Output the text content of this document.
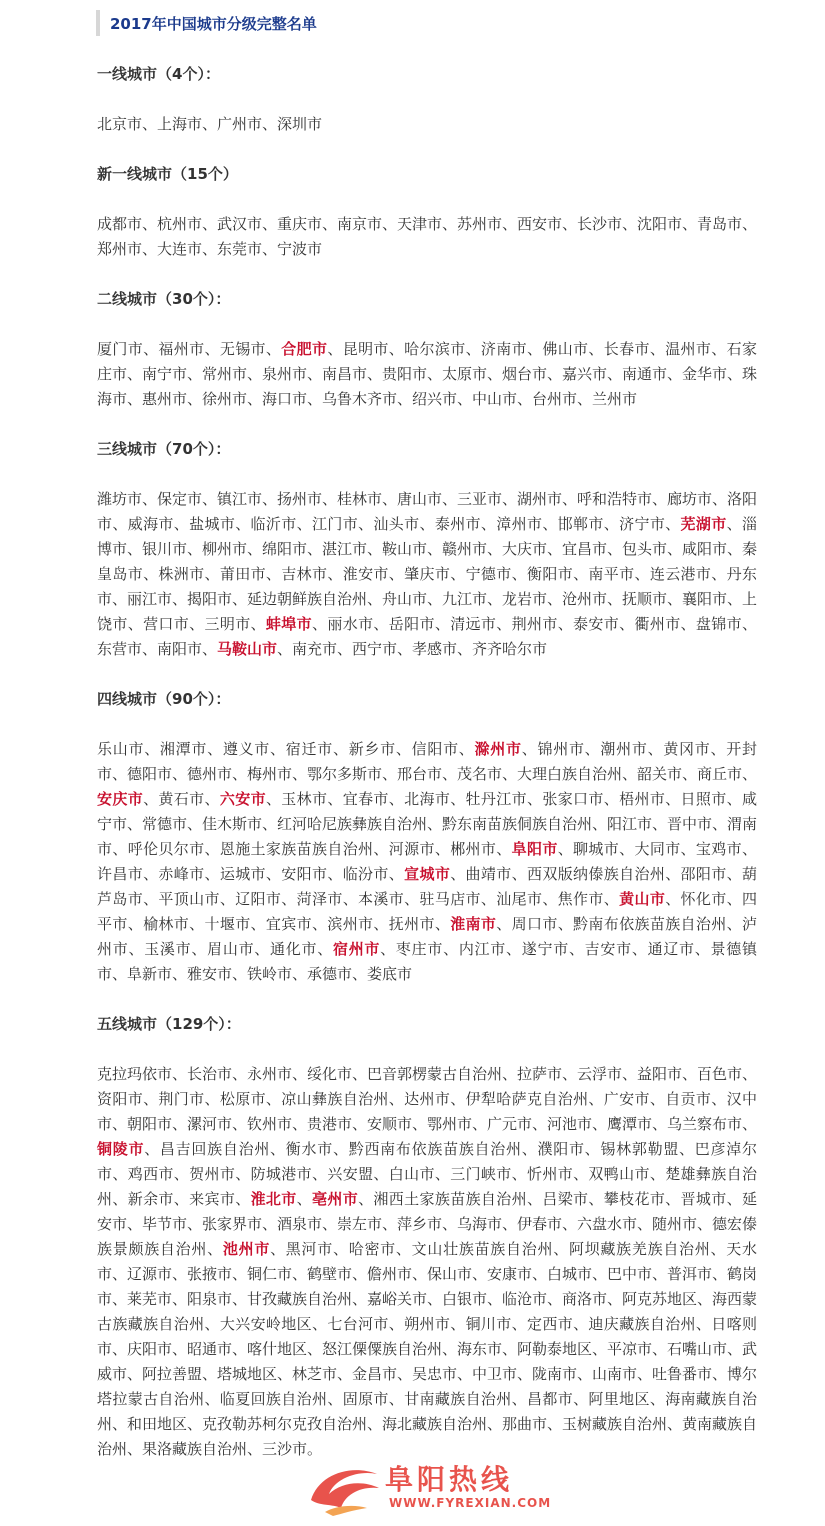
2017年中国城市分级完整名单
一线城市（4个）：
北京市、上海市、广州市、深圳市
新一线城市（15个）
成都市、杭州市、武汉市、重庆市、南京市、天津市、苏州市、西安市、长沙市、沈阳市、青岛市、郑州市、大连市、东莞市、宁波市
二线城市（30个）：
厦门市、福州市、无锡市、合肥市、昆明市、哈尔滨市、济南市、佛山市、长春市、温州市、石家庄市、南宁市、常州市、泉州市、南昌市、贵阳市、太原市、烟台市、嘉兴市、南通市、金华市、珠海市、惠州市、徐州市、海口市、乌鲁木齐市、绍兴市、中山市、台州市、兰州市
三线城市（70个）：
潍坊市、保定市、镇江市、扬州市、桂林市、唐山市、三亚市、湖州市、呼和浩特市、廊坊市、洛阳市、威海市、盐城市、临沂市、江门市、汕头市、泰州市、漳州市、邯郸市、济宁市、芜湖市、淄博市、银川市、柳州市、绵阳市、湛江市、鞍山市、赣州市、大庆市、宜昌市、包头市、咸阳市、秦皇岛市、株洲市、莆田市、吉林市、淮安市、肇庆市、宁德市、衡阳市、南平市、连云港市、丹东市、丽江市、揭阳市、延边朝鲜族自治州、舟山市、九江市、龙岩市、沧州市、抚顺市、襄阳市、上饶市、营口市、三明市、蚌埠市、丽水市、岳阳市、清远市、荆州市、泰安市、衢州市、盘锦市、东营市、南阳市、马鞍山市、南充市、西宁市、孝感市、齐齐哈尔市
四线城市（90个）：
乐山市、湘潭市、遵义市、宿迁市、新乡市、信阳市、滁州市、锦州市、潮州市、黄冈市、开封市、德阳市、德州市、梅州市、鄂尔多斯市、邢台市、茂名市、大理白族自治州、韶关市、商丘市、安庆市、黄石市、六安市、玉林市、宜春市、北海市、牡丹江市、张家口市、梧州市、日照市、咸宁市、常德市、佳木斯市、红河哈尼族彝族自治州、黔东南苗族侗族自治州、阳江市、晋中市、渭南市、呼伦贝尔市、恩施土家族苗族自治州、河源市、郴州市、阜阳市、聊城市、大同市、宝鸡市、许昌市、赤峰市、运城市、安阳市、临汾市、宣城市、曲靖市、西双版纳傣族自治州、邵阳市、葫芦岛市、平顶山市、辽阳市、菏泽市、本溪市、驻马店市、汕尾市、焦作市、黄山市、怀化市、四平市、榆林市、十堰市、宜宾市、滨州市、抚州市、淮南市、周口市、黔南布依族苗族自治州、泸州市、玉溪市、眉山市、通化市、宿州市、枣庄市、内江市、遂宁市、吉安市、通辽市、景德镇市、阜新市、雅安市、铁岭市、承德市、娄底市
五线城市（129个）：
克拉玛依市、长治市、永州市、绥化市、巴音郭楞蒙古自治州、拉萨市、云浮市、益阳市、百色市、资阳市、荆门市、松原市、凉山彝族自治州、达州市、伊犁哈萨克自治州、广安市、自贡市、汉中市、朝阳市、漯河市、钦州市、贵港市、安顺市、鄂州市、广元市、河池市、鹰潭市、乌兰察布市、铜陵市、昌吉回族自治州、衡水市、黔西南布依族苗族自治州、濮阳市、锡林郭勒盟、巴彦淖尔市、鸡西市、贺州市、防城港市、兴安盟、白山市、三门峡市、忻州市、双鸭山市、楚雄彝族自治州、新余市、来宾市、淮北市、亳州市、湘西土家族苗族自治州、吕梁市、攀枝花市、晋城市、延安市、毕节市、张家界市、酒泉市、崇左市、萍乡市、乌海市、伊春市、六盘水市、随州市、德宏傣族景颇族自治州、池州市、黑河市、哈密市、文山壮族苗族自治州、阿坝藏族羌族自治州、天水市、辽源市、张掖市、铜仁市、鹤壁市、儋州市、保山市、安康市、白城市、巴中市、普洱市、鹤岗市、莱芜市、阳泉市、甘孜藏族自治州、嘉峪关市、白银市、临沧市、商洛市、阿克苏地区、海西蒙古族藏族自治州、大兴安岭地区、七台河市、朔州市、铜川市、定西市、迪庆藏族自治州、日喀则市、庆阳市、昭通市、喀什地区、怒江傈僳族自治州、海东市、阿勒泰地区、平凉市、石嘴山市、武威市、阿拉善盟、塔城地区、林芝市、金昌市、吴忠市、中卫市、陇南市、山南市、吐鲁番市、博尔塔拉蒙古自治州、临夏回族自治州、固原市、甘南藏族自治州、昌都市、阿里地区、海南藏族自治州、和田地区、克孜勒苏柯尔克孜自治州、海北藏族自治州、那曲市、玉树藏族自治州、黄南藏族自治州、果洛藏族自治州、三沙市。
阜阳热线
WWW.FYREXIAN.COM
